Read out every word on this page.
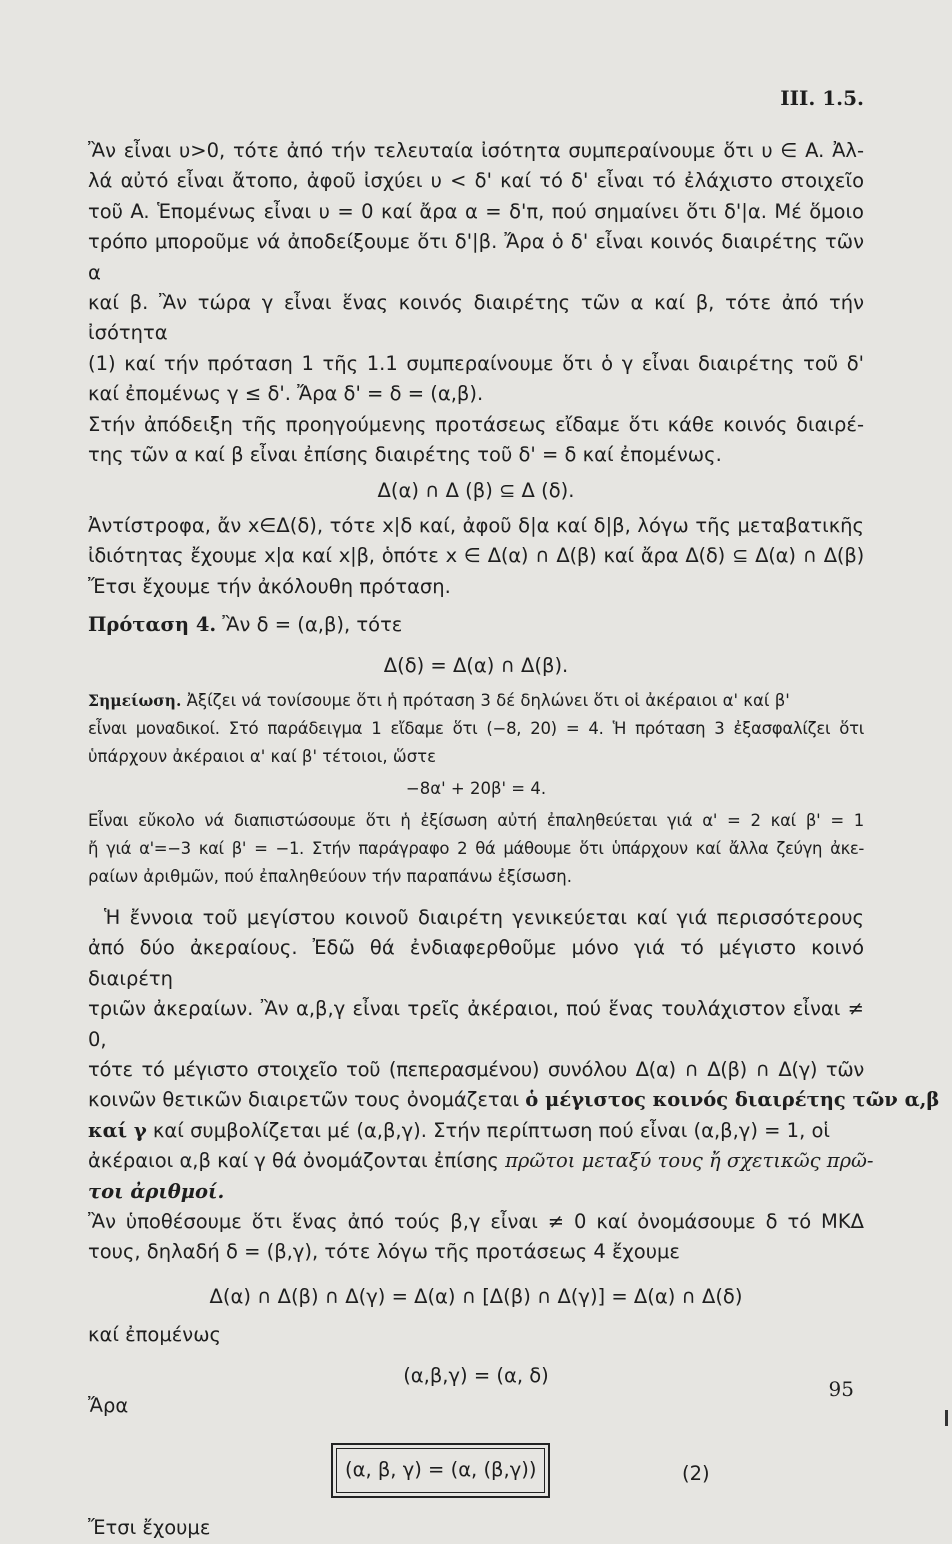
III. 1.5.
Ἂν εἶναι υ>0, τότε ἀπό τήν τελευταία ἰσότητα συμπεραίνουμε ὅτι υ ∈ A. Ἀλ-
λά αὐτό εἶναι ἄτοπο, ἀφοῦ ἰσχύει υ < δ' καί τό δ' εἶναι τό ἐλάχιστο στοιχεῖο
τοῦ A. Ἑπομένως εἶναι υ = 0 καί ἄρα α = δ'π, πού σημαίνει ὅτι δ'|α. Μέ ὅμοιο
τρόπο μποροῦμε νά ἀποδείξουμε ὅτι δ'|β. Ἄρα ὁ δ' εἶναι κοινός διαιρέτης τῶν α
καί β. Ἂν τώρα γ εἶναι ἕνας κοινός διαιρέτης τῶν α καί β, τότε ἀπό τήν ἰσότητα
(1) καί τήν πρόταση 1 τῆς 1.1 συμπεραίνουμε ὅτι ὁ γ εἶναι διαιρέτης τοῦ δ'
καί ἐπομένως γ ≤ δ'. Ἄρα δ' = δ = (α,β).
Στήν ἀπόδειξη τῆς προηγούμενης προτάσεως εἴδαμε ὅτι κάθε κοινός διαιρέ-
της τῶν α καί β εἶναι ἐπίσης διαιρέτης τοῦ δ' = δ καί ἐπομένως.
Δ(α) ∩ Δ (β) ⊆ Δ (δ).
Ἀντίστροφα, ἄν x∈Δ(δ), τότε x|δ καί, ἀφοῦ δ|α καί δ|β, λόγω τῆς μεταβατικῆς
ἰδιότητας ἔχουμε x|α καί x|β, ὁπότε x ∈ Δ(α) ∩ Δ(β) καί ἄρα Δ(δ) ⊆ Δ(α) ∩ Δ(β)
Ἔτσι ἔχουμε τήν ἀκόλουθη πρόταση.
Πρόταση 4. Ἂν δ = (α,β), τότε
Δ(δ) = Δ(α) ∩ Δ(β).
Σημείωση. Ἀξίζει νά τονίσουμε ὅτι ἡ πρόταση 3 δέ δηλώνει ὅτι οἱ ἀκέραιοι α' καί β'
εἶναι μοναδικοί. Στό παράδειγμα 1 εἴδαμε ὅτι (−8, 20) = 4. Ἡ πρόταση 3 ἐξασφαλίζει ὅτι
ὑπάρχουν ἀκέραιοι α' καί β' τέτοιοι, ὥστε
−8α' + 20β' = 4.
Εἶναι εὔκολο νά διαπιστώσουμε ὅτι ἡ ἐξίσωση αὐτή ἐπαληθεύεται γιά α' = 2 καί β' = 1
ἤ γιά α'=−3 καί β' = −1. Στήν παράγραφο 2 θά μάθουμε ὅτι ὑπάρχουν καί ἄλλα ζεύγη ἀκε-
ραίων ἀριθμῶν, πού ἐπαληθεύουν τήν παραπάνω ἐξίσωση.
Ἡ ἔννοια τοῦ μεγίστου κοινοῦ διαιρέτη γενικεύεται καί γιά περισσότερους
ἀπό δύο ἀκεραίους. Ἐδῶ θά ἐνδιαφερθοῦμε μόνο γιά τό μέγιστο κοινό διαιρέτη
τριῶν ἀκεραίων. Ἂν α,β,γ εἶναι τρεῖς ἀκέραιοι, πού ἕνας τουλάχιστον εἶναι ≠ 0,
τότε τό μέγιστο στοιχεῖο τοῦ (πεπερασμένου) συνόλου Δ(α) ∩ Δ(β) ∩ Δ(γ) τῶν
κοινῶν θετικῶν διαιρετῶν τους ὀνομάζεται ὁ μέγιστος κοινός διαιρέτης τῶν α,β
καί γ καί συμβολίζεται μέ (α,β,γ). Στήν περίπτωση πού εἶναι (α,β,γ) = 1, οἱ
ἀκέραιοι α,β καί γ θά ὀνομάζονται ἐπίσης πρῶτοι μεταξύ τους ἤ σχετικῶς πρῶ-
τοι ἀριθμοί.
Ἂν ὑποθέσουμε ὅτι ἕνας ἀπό τούς β,γ εἶναι ≠ 0 καί ὀνομάσουμε δ τό ΜΚΔ
τους, δηλαδή δ = (β,γ), τότε λόγω τῆς προτάσεως 4 ἔχουμε
Δ(α) ∩ Δ(β) ∩ Δ(γ) = Δ(α) ∩ [Δ(β) ∩ Δ(γ)] = Δ(α) ∩ Δ(δ)
καί ἐπομένως
(α,β,γ) = (α, δ)
Ἄρα
(α, β, γ) = (α, (β,γ))	(2)
Ἔτσι ἔχουμε
95
